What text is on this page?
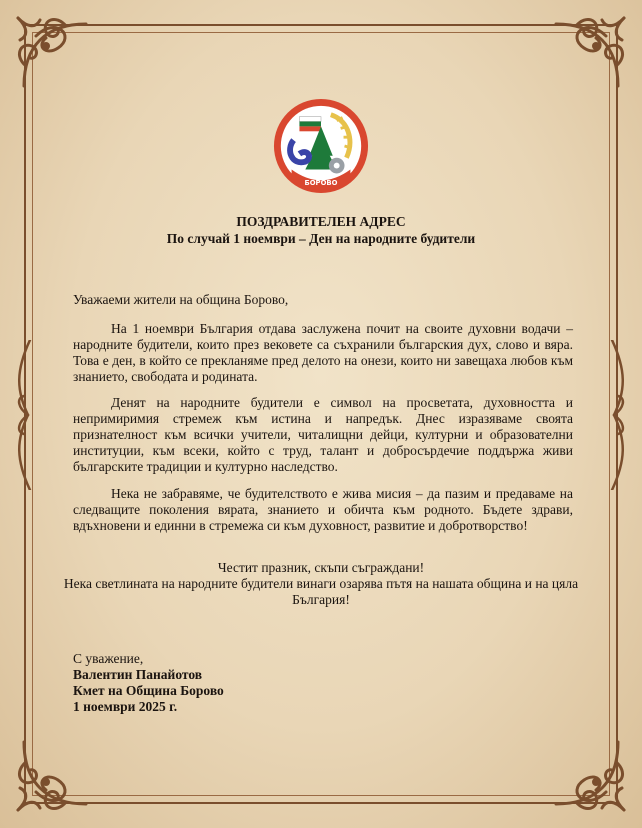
БОРОВО
ПОЗДРАВИТЕЛЕН АДРЕС
По случай 1 ноември – Ден на народните будители
Уважаеми жители на община Борово,

На 1 ноември България отдава заслужена почит на своите духовни водачи – народните будители, които през вековете са съхранили българския дух, слово и вяра. Това е ден, в който се прекланяме пред делото на онези, които ни завещаха любов към знанието, свободата и родината.

Денят на народните будители е символ на просветата, духовността и непримиримия стремеж към истина и напредък. Днес изразяваме своята признателност към всички учители, читалищни дейци, културни и образователни институции, към всеки, който с труд, талант и добросърдечие поддържа живи българските традиции и културно наследство.

Нека не забравяме, че будителството е жива мисия – да пазим и предаваме на следващите поколения вярата, знанието и обичта към родното. Бъдете здрави, вдъхновени и единни в стремежа си към духовност, развитие и добротворство!

Честит празник, скъпи съграждани!
Нека светлината на народните будители винаги озарява пътя на нашата община и на цяла България!
С уважение,
Валентин Панайотов
Кмет на Община Борово
1 ноември 2025 г.
